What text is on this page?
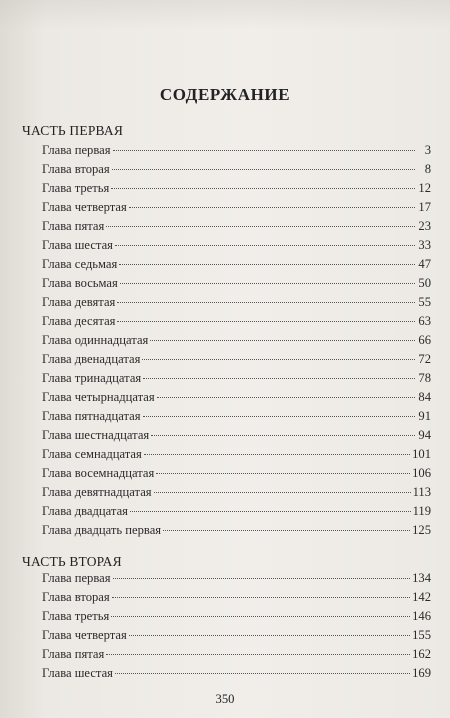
СОДЕРЖАНИЕ
ЧАСТЬ ПЕРВАЯ
Глава первая	3
Глава вторая	8
Глава третья	12
Глава четвертая	17
Глава пятая	23
Глава шестая	33
Глава седьмая	47
Глава восьмая	50
Глава девятая	55
Глава десятая	63
Глава одиннадцатая	66
Глава двенадцатая	72
Глава тринадцатая	78
Глава четырнадцатая	84
Глава пятнадцатая	91
Глава шестнадцатая	94
Глава семнадцатая	101
Глава восемнадцатая	106
Глава девятнадцатая	113
Глава двадцатая	119
Глава двадцать первая	125
ЧАСТЬ ВТОРАЯ
Глава первая	134
Глава вторая	142
Глава третья	146
Глава четвертая	155
Глава пятая	162
Глава шестая	169
350
